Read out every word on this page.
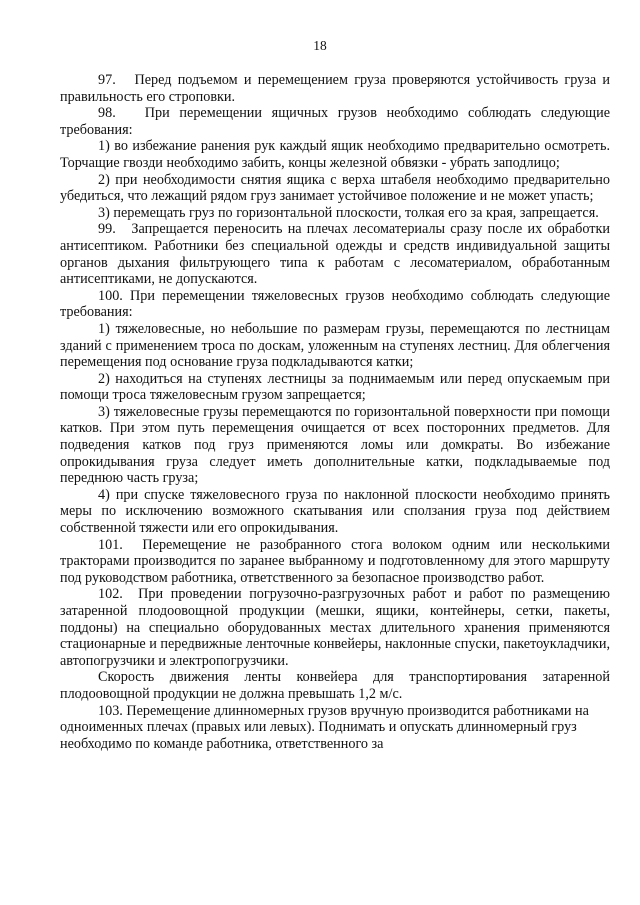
18

97.   Перед подъемом и перемещением груза проверяются устойчивость груза и правильность его строповки.

98.   При перемещении ящичных грузов необходимо соблюдать следующие требования:

1) во избежание ранения рук каждый ящик необходимо предварительно осмотреть. Торчащие гвозди необходимо забить, концы железной обвязки - убрать заподлицо;

2) при необходимости снятия ящика с верха штабеля необходимо предварительно убедиться, что лежащий рядом груз занимает устойчивое положение и не может упасть;

3) перемещать груз по горизонтальной плоскости, толкая его за края, запрещается.

99.   Запрещается переносить на плечах лесоматериалы сразу после их обработки антисептиком. Работники без специальной одежды и средств индивидуальной защиты органов дыхания фильтрующего типа к работам с лесоматериалом, обработанным антисептиками, не допускаются.

100. При перемещении тяжеловесных грузов необходимо соблюдать следующие требования:

1) тяжеловесные, но небольшие по размерам грузы, перемещаются по лестницам зданий с применением троса по доскам, уложенным на ступенях лестниц. Для облегчения перемещения под основание груза подкладываются катки;

2) находиться на ступенях лестницы за поднимаемым или перед опускаемым при помощи троса тяжеловесным грузом запрещается;

3) тяжеловесные грузы перемещаются по горизонтальной поверхности при помощи катков. При этом путь перемещения очищается от всех посторонних предметов. Для подведения катков под груз применяются ломы или домкраты. Во избежание опрокидывания груза следует иметь дополнительные катки, подкладываемые под переднюю часть груза;

4) при спуске тяжеловесного груза по наклонной плоскости необходимо принять меры по исключению возможного скатывания или сползания груза под действием собственной тяжести или его опрокидывания.

101.  Перемещение не разобранного стога волоком одним или несколькими тракторами производится по заранее выбранному и подготовленному для этого маршруту под руководством работника, ответственного за безопасное производство работ.

102.  При проведении погрузочно-разгрузочных работ и работ по размещению затаренной плодоовощной продукции (мешки, ящики, контейнеры, сетки, пакеты, поддоны) на специально оборудованных местах длительного хранения применяются стационарные и передвижные ленточные конвейеры, наклонные спуски, пакетоукладчики, автопогрузчики и электропогрузчики.

Скорость движения ленты конвейера для транспортирования затаренной плодоовощной продукции не должна превышать 1,2 м/с.

103. Перемещение длинномерных грузов вручную производится работниками на одноименных плечах (правых или левых). Поднимать и опускать длинномерный груз необходимо по команде работника, ответственного за
